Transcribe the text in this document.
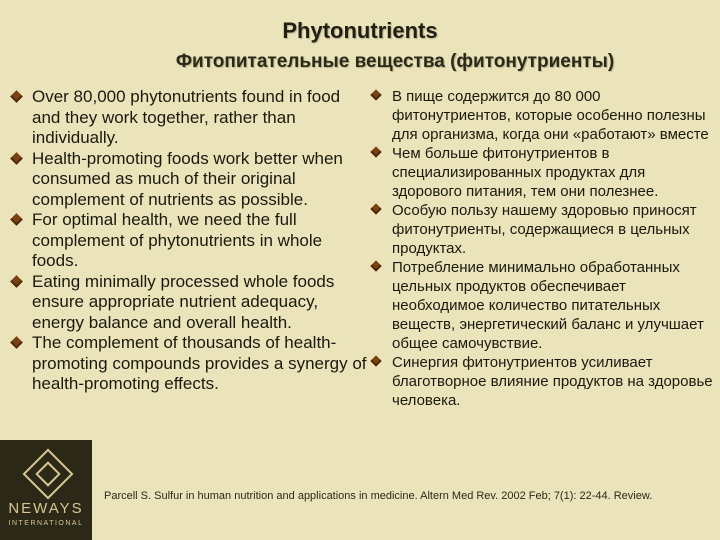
Phytonutrients
Фитопитательные вещества (фитонутриенты)
Over 80,000 phytonutrients found in food and they work together, rather than individually.
Health-promoting foods work better when consumed as much of their original complement of nutrients as possible.
For optimal health, we need the full complement of phytonutrients in whole foods.
Eating minimally processed whole foods ensure appropriate nutrient adequacy, energy balance and overall health.
The complement of thousands of health-promoting compounds provides a synergy of health-promoting effects.
В пище содержится до 80 000 фитонутриентов, которые особенно полезны для организма, когда они «работают» вместе
Чем больше фитонутриентов в специализированных продуктах для здорового питания, тем они полезнее.
Особую пользу нашему здоровью приносят фитонутриенты, содержащиеся в цельных продуктах.
Потребление минимально обработанных цельных продуктов обеспечивает необходимое количество питательных веществ, энергетический баланс и улучшает общее самочувствие.
Синергия фитонутриентов усиливает благотворное влияние продуктов на здоровье человека.
NEWAYS
INTERNATIONAL
Parcell S. Sulfur in human nutrition and applications in medicine. Altern Med Rev. 2002 Feb; 7(1): 22-44. Review.
